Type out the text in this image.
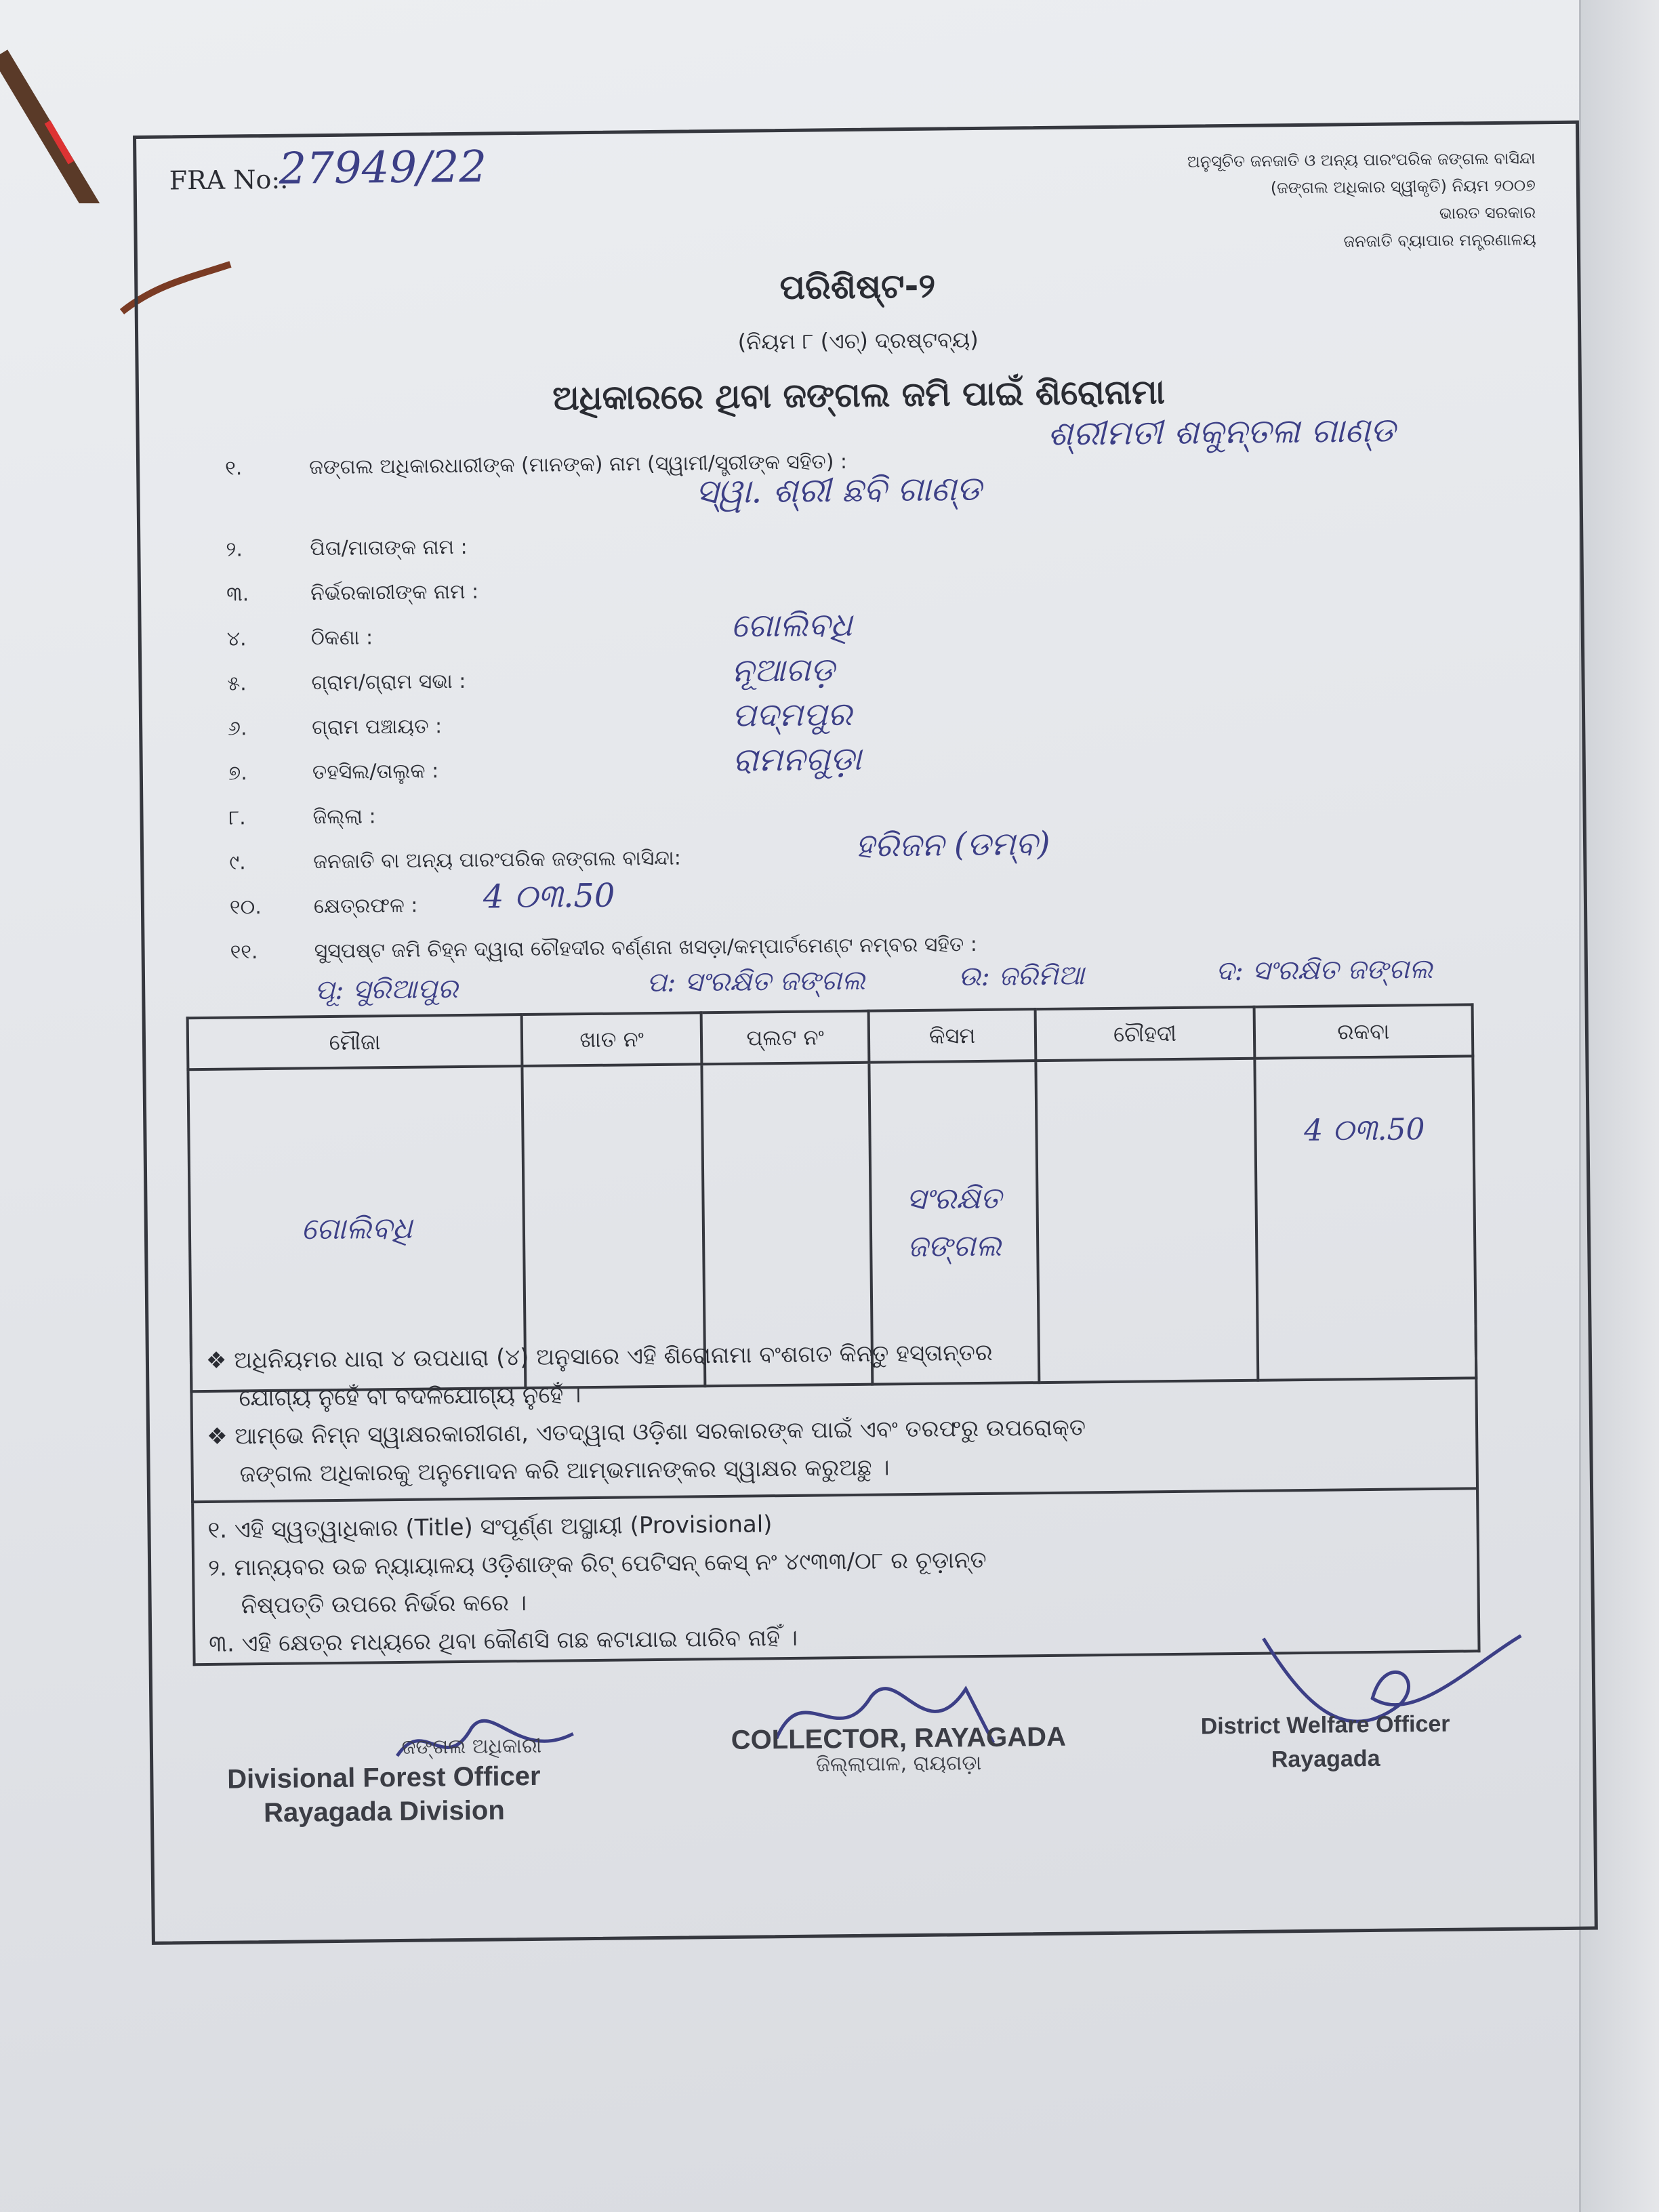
FRA No:.
27949/22	ଅନୁସୂଚିତ ଜନଜାତି ଓ ଅନ୍ୟ ପାରଂପରିକ ଜଙ୍ଗଲ ବାସିନ୍ଦା
(ଜଙ୍ଗଲ ଅଧିକାର ସ୍ୱୀକୃତି) ନିୟମ ୨୦୦୭
ଭାରତ ସରକାର
ଜନଜାତି ବ୍ୟାପାର ମନ୍ତ୍ରଣାଳୟ
ପରିଶିଷ୍ଟ-୨
(ନିୟମ ୮ (ଏଚ୍) ଦ୍ରଷ୍ଟବ୍ୟ)
ଅଧିକାରରେ ଥିବା ଜଙ୍ଗଲ ଜମି ପାଇଁ ଶିରୋନାମା
୧.	ଜଙ୍ଗଲ ଅଧିକାରଧାରୀଙ୍କ (ମାନଙ୍କ) ନାମ (ସ୍ୱାମୀ/ସ୍ତ୍ରୀଙ୍କ ସହିତ) :
ଶ୍ରୀମତୀ ଶକୁନ୍ତଳା ଗାଣ୍ଡ
ସ୍ୱା. ଶ୍ରୀ ଛବି ଗାଣ୍ଡ
୨.	ପିତା/ମାତାଙ୍କ ନାମ :
୩.	ନିର୍ଭରକାରୀଙ୍କ ନାମ :
୪.	ଠିକଣା :	ଗୋଲିବଧି
୫.	ଗ୍ରାମ/ଗ୍ରାମ ସଭା :	ନୂଆଗଡ଼
୬.	ଗ୍ରାମ ପଞ୍ଚାୟତ :	ପଦ୍ମପୁର
୭.	ତହସିଲ/ତାଲୁକ :	ରାମନଗୁଡ଼ା
୮.	ଜିଲ୍ଲା :
୯.	ଜନଜାତି ବା ଅନ୍ୟ ପାରଂପରିକ ଜଙ୍ଗଲ ବାସିନ୍ଦା:	ହରିଜନ (ଡମ୍ବ)
୧୦.	କ୍ଷେତ୍ରଫଳ : 4 ୦୩.50
୧୧.	ସୁସ୍ପଷ୍ଟ ଜମି ଚିହ୍ନ ଦ୍ୱାରା ଚୌହଦୀର ବର୍ଣ୍ଣନା ଖସଡ଼ା/କମ୍ପାର୍ଟମେଣ୍ଟ ନମ୍ବର ସହିତ :
ପୂ: ସୁରିଆପୁର	ପ: ସଂରକ୍ଷିତ ଜଙ୍ଗଲ	ଉ: ଜରିମିଆ	ଦ: ସଂରକ୍ଷିତ ଜଙ୍ଗଲ
ମୌଜା	ଖାତ ନଂ	ପ୍ଲଟ ନଂ	କିସମ	ଚୌହଦୀ	ରକବା
ଗୋଲିବଧି			ସଂରକ୍ଷିତ ଜଙ୍ଗଲ		4 ୦୩.50
❖ ଅଧିନିୟମର ଧାରା ୪ ଉପଧାରା (୪) ଅନୁସାରେ ଏହି ଶିରୋନାମା ବଂଶଗତ କିନ୍ତୁ ହସ୍ତାନ୍ତର
ଯୋଗ୍ୟ ନୁହେଁ ବା ବଦଳିଯୋଗ୍ୟ ନୁହେଁ ।
❖ ଆମ୍ଭେ ନିମ୍ନ ସ୍ୱାକ୍ଷରକାରୀଗଣ, ଏତଦ୍ୱାରା ଓଡ଼ିଶା ସରକାରଙ୍କ ପାଇଁ ଏବଂ ତରଫରୁ ଉପରୋକ୍ତ
ଜଙ୍ଗଲ ଅଧିକାରକୁ ଅନୁମୋଦନ କରି ଆମ୍ଭମାନଙ୍କର ସ୍ୱାକ୍ଷର କରୁଅଛୁ ।
୧. ଏହି ସ୍ୱତ୍ୱାଧିକାର (Title) ସଂପୂର୍ଣ୍ଣ ଅସ୍ଥାୟୀ (Provisional)
୨. ମାନ୍ୟବର ଉଚ୍ଚ ନ୍ୟାୟାଳୟ ଓଡ଼ିଶାଙ୍କ ରିଟ୍ ପେଟିସନ୍ କେସ୍ ନଂ ୪୯୩୩/୦୮ ର ଚୂଡ଼ାନ୍ତ
ନିଷ୍ପତ୍ତି ଉପରେ ନିର୍ଭର କରେ ।
୩. ଏହି କ୍ଷେତ୍ର ମଧ୍ୟରେ ଥିବା କୌଣସି ଗଛ କଟାଯାଇ ପାରିବ ନାହିଁ ।
ଜଙ୍ଗଲ ଅଧିକାରୀ
Divisional Forest Officer
Rayagada Division
COLLECTOR, RAYAGADA
ଜିଲ୍ଲାପାଳ, ରାୟଗଡ଼ା
District Welfare Officer
Rayagada
